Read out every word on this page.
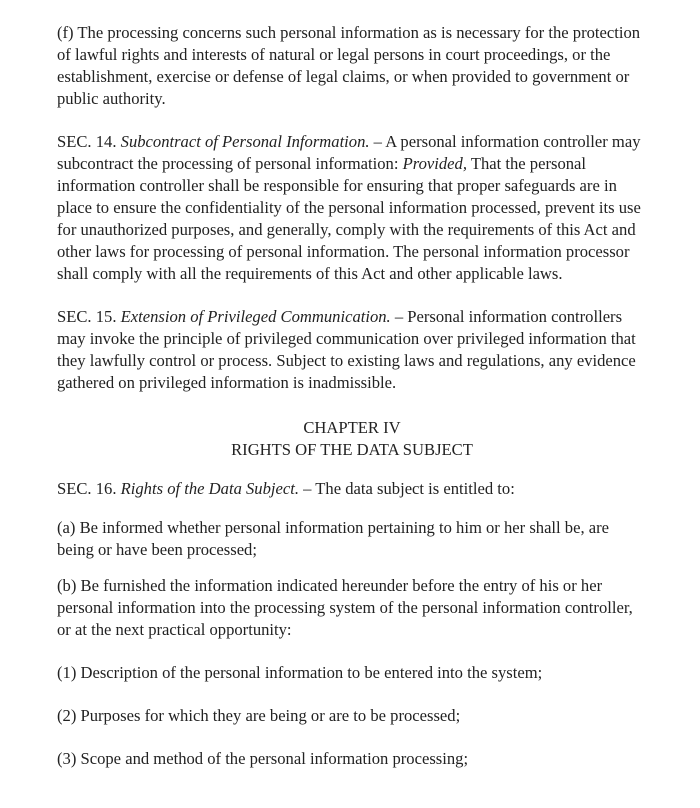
(f) The processing concerns such personal information as is necessary for the protection of lawful rights and interests of natural or legal persons in court proceedings, or the establishment, exercise or defense of legal claims, or when provided to government or public authority.

SEC. 14. Subcontract of Personal Information. – A personal information controller may subcontract the processing of personal information: Provided, That the personal information controller shall be responsible for ensuring that proper safeguards are in place to ensure the confidentiality of the personal information processed, prevent its use for unauthorized purposes, and generally, comply with the requirements of this Act and other laws for processing of personal information. The personal information processor shall comply with all the requirements of this Act and other applicable laws.

SEC. 15. Extension of Privileged Communication. – Personal information controllers may invoke the principle of privileged communication over privileged information that they lawfully control or process. Subject to existing laws and regulations, any evidence gathered on privileged information is inadmissible.

CHAPTER IV
RIGHTS OF THE DATA SUBJECT

SEC. 16. Rights of the Data Subject. – The data subject is entitled to:

(a) Be informed whether personal information pertaining to him or her shall be, are being or have been processed;

(b) Be furnished the information indicated hereunder before the entry of his or her personal information into the processing system of the personal information controller, or at the next practical opportunity:

(1) Description of the personal information to be entered into the system;

(2) Purposes for which they are being or are to be processed;

(3) Scope and method of the personal information processing;
